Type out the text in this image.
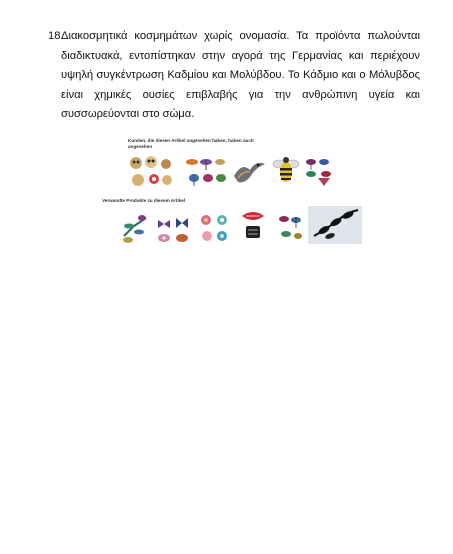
18.

Διακοσμητικά κοσμημάτων χωρίς ονομασία. Τα προϊόντα πωλούνται διαδικτυακά, εντοπίστηκαν στην αγορά της Γερμανίας και περιέχουν υψηλή συγκέντρωση Καδμίου και Μολύβδου. Το Κάδμιο και ο Μόλυβδος είναι χημικές ουσίες επιβλαβής για την ανθρώπινη υγεία και συσσωρεύονται στο σώμα.

Kunden, die diesen Artikel angesehen haben, haben auch angesehen
Verwandte Produkte zu diesem Artikel
